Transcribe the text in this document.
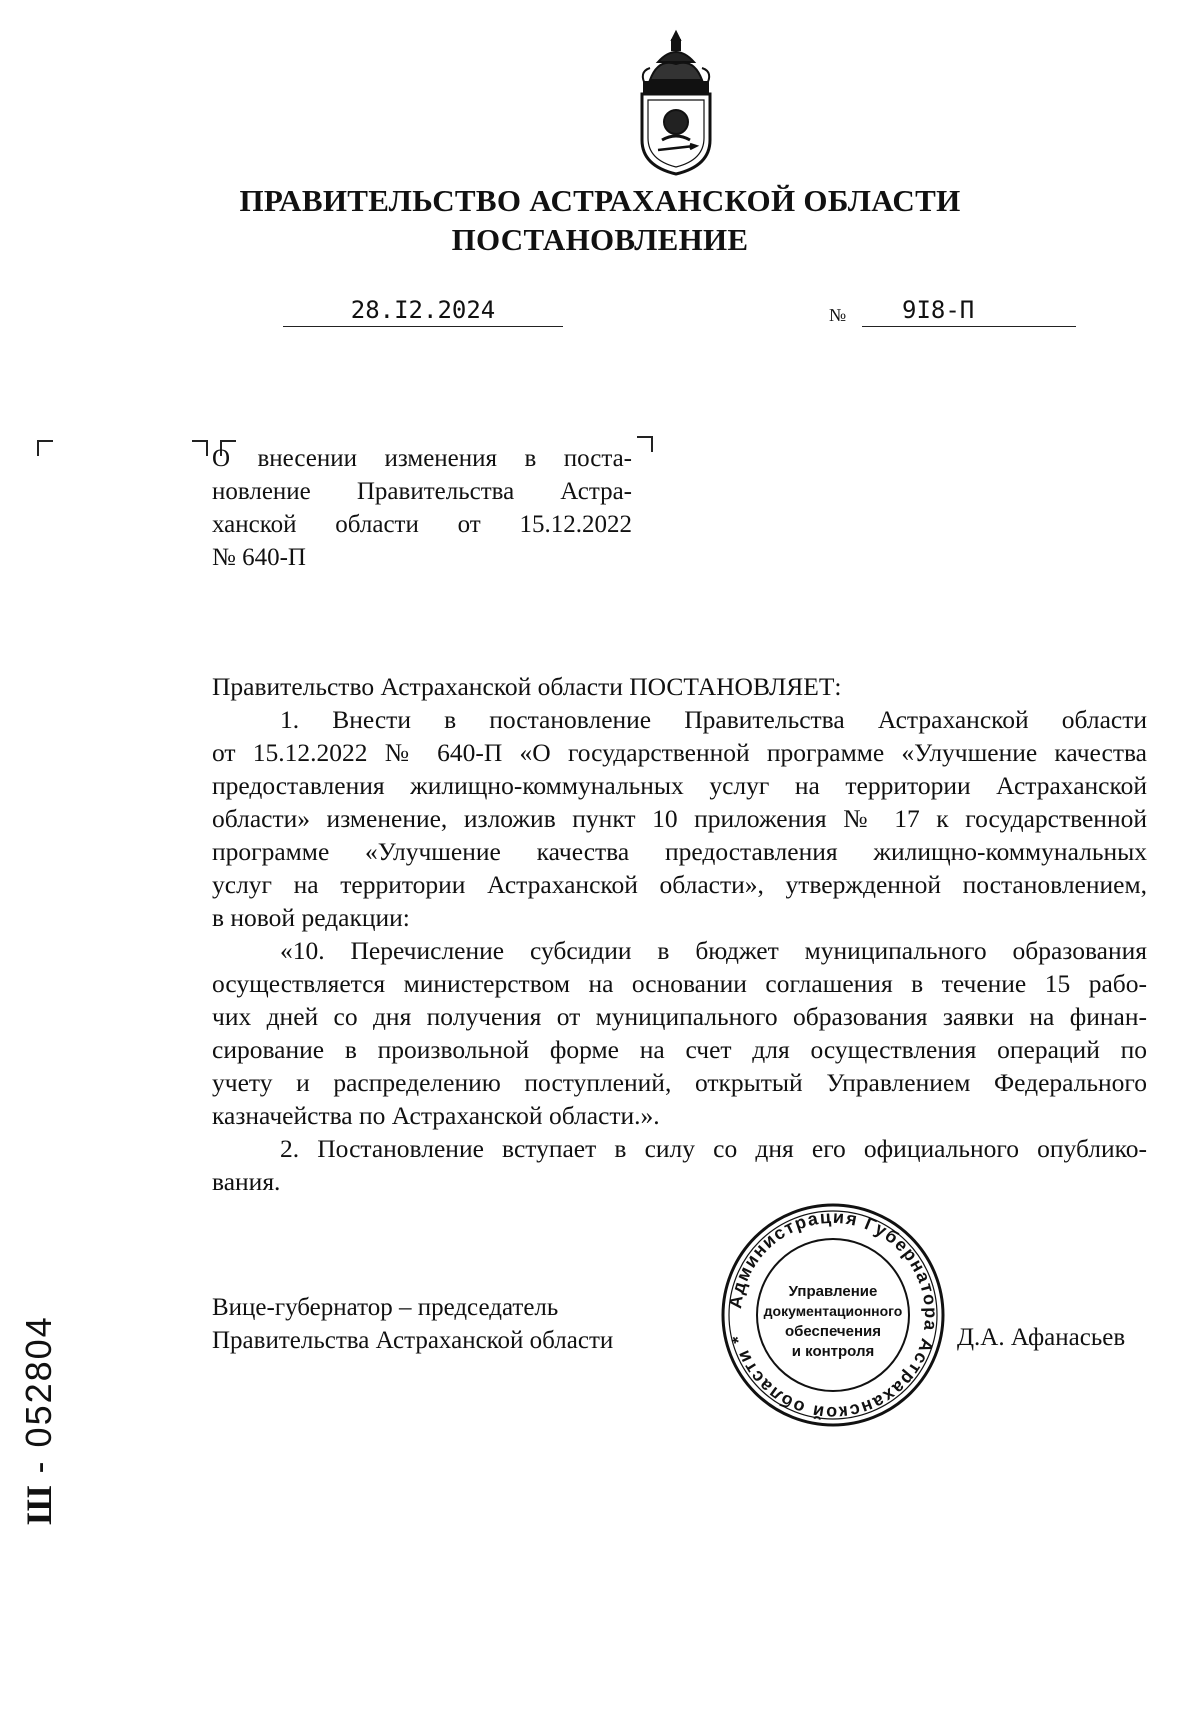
ПРАВИТЕЛЬСТВО АСТРАХАНСКОЙ ОБЛАСТИ
ПОСТАНОВЛЕНИЕ
28.I2.2024	№	9I8-П
О внесении изменения в поста-
новление Правительства Астра-
ханской области от 15.12.2022
№ 640-П
Правительство Астраханской области ПОСТАНОВЛЯЕТ:
1. Внести в постановление Правительства Астраханской области
от 15.12.2022 № 640-П «О государственной программе «Улучшение качества
предоставления жилищно-коммунальных услуг на территории Астраханской
области» изменение, изложив пункт 10 приложения № 17 к государственной
программе «Улучшение качества предоставления жилищно-коммунальных
услуг на территории Астраханской области», утвержденной постановлением,
в новой редакции:
«10. Перечисление субсидии в бюджет муниципального образования
осуществляется министерством на основании соглашения в течение 15 рабо-
чих дней со дня получения от муниципального образования заявки на финан-
сирование в произвольной форме на счет для осуществления операций по
учету и распределению поступлений, открытый Управлением Федерального
казначейства по Астраханской области.».
2. Постановление вступает в силу со дня его официального опублико-
вания.
Вице-губернатор – председатель
Правительства Астраханской области
Администрация Губернатора Астраханской области *
Управление
документационного
обеспечения
и контроля
Д.А. Афанасьев
Ш - 052804
